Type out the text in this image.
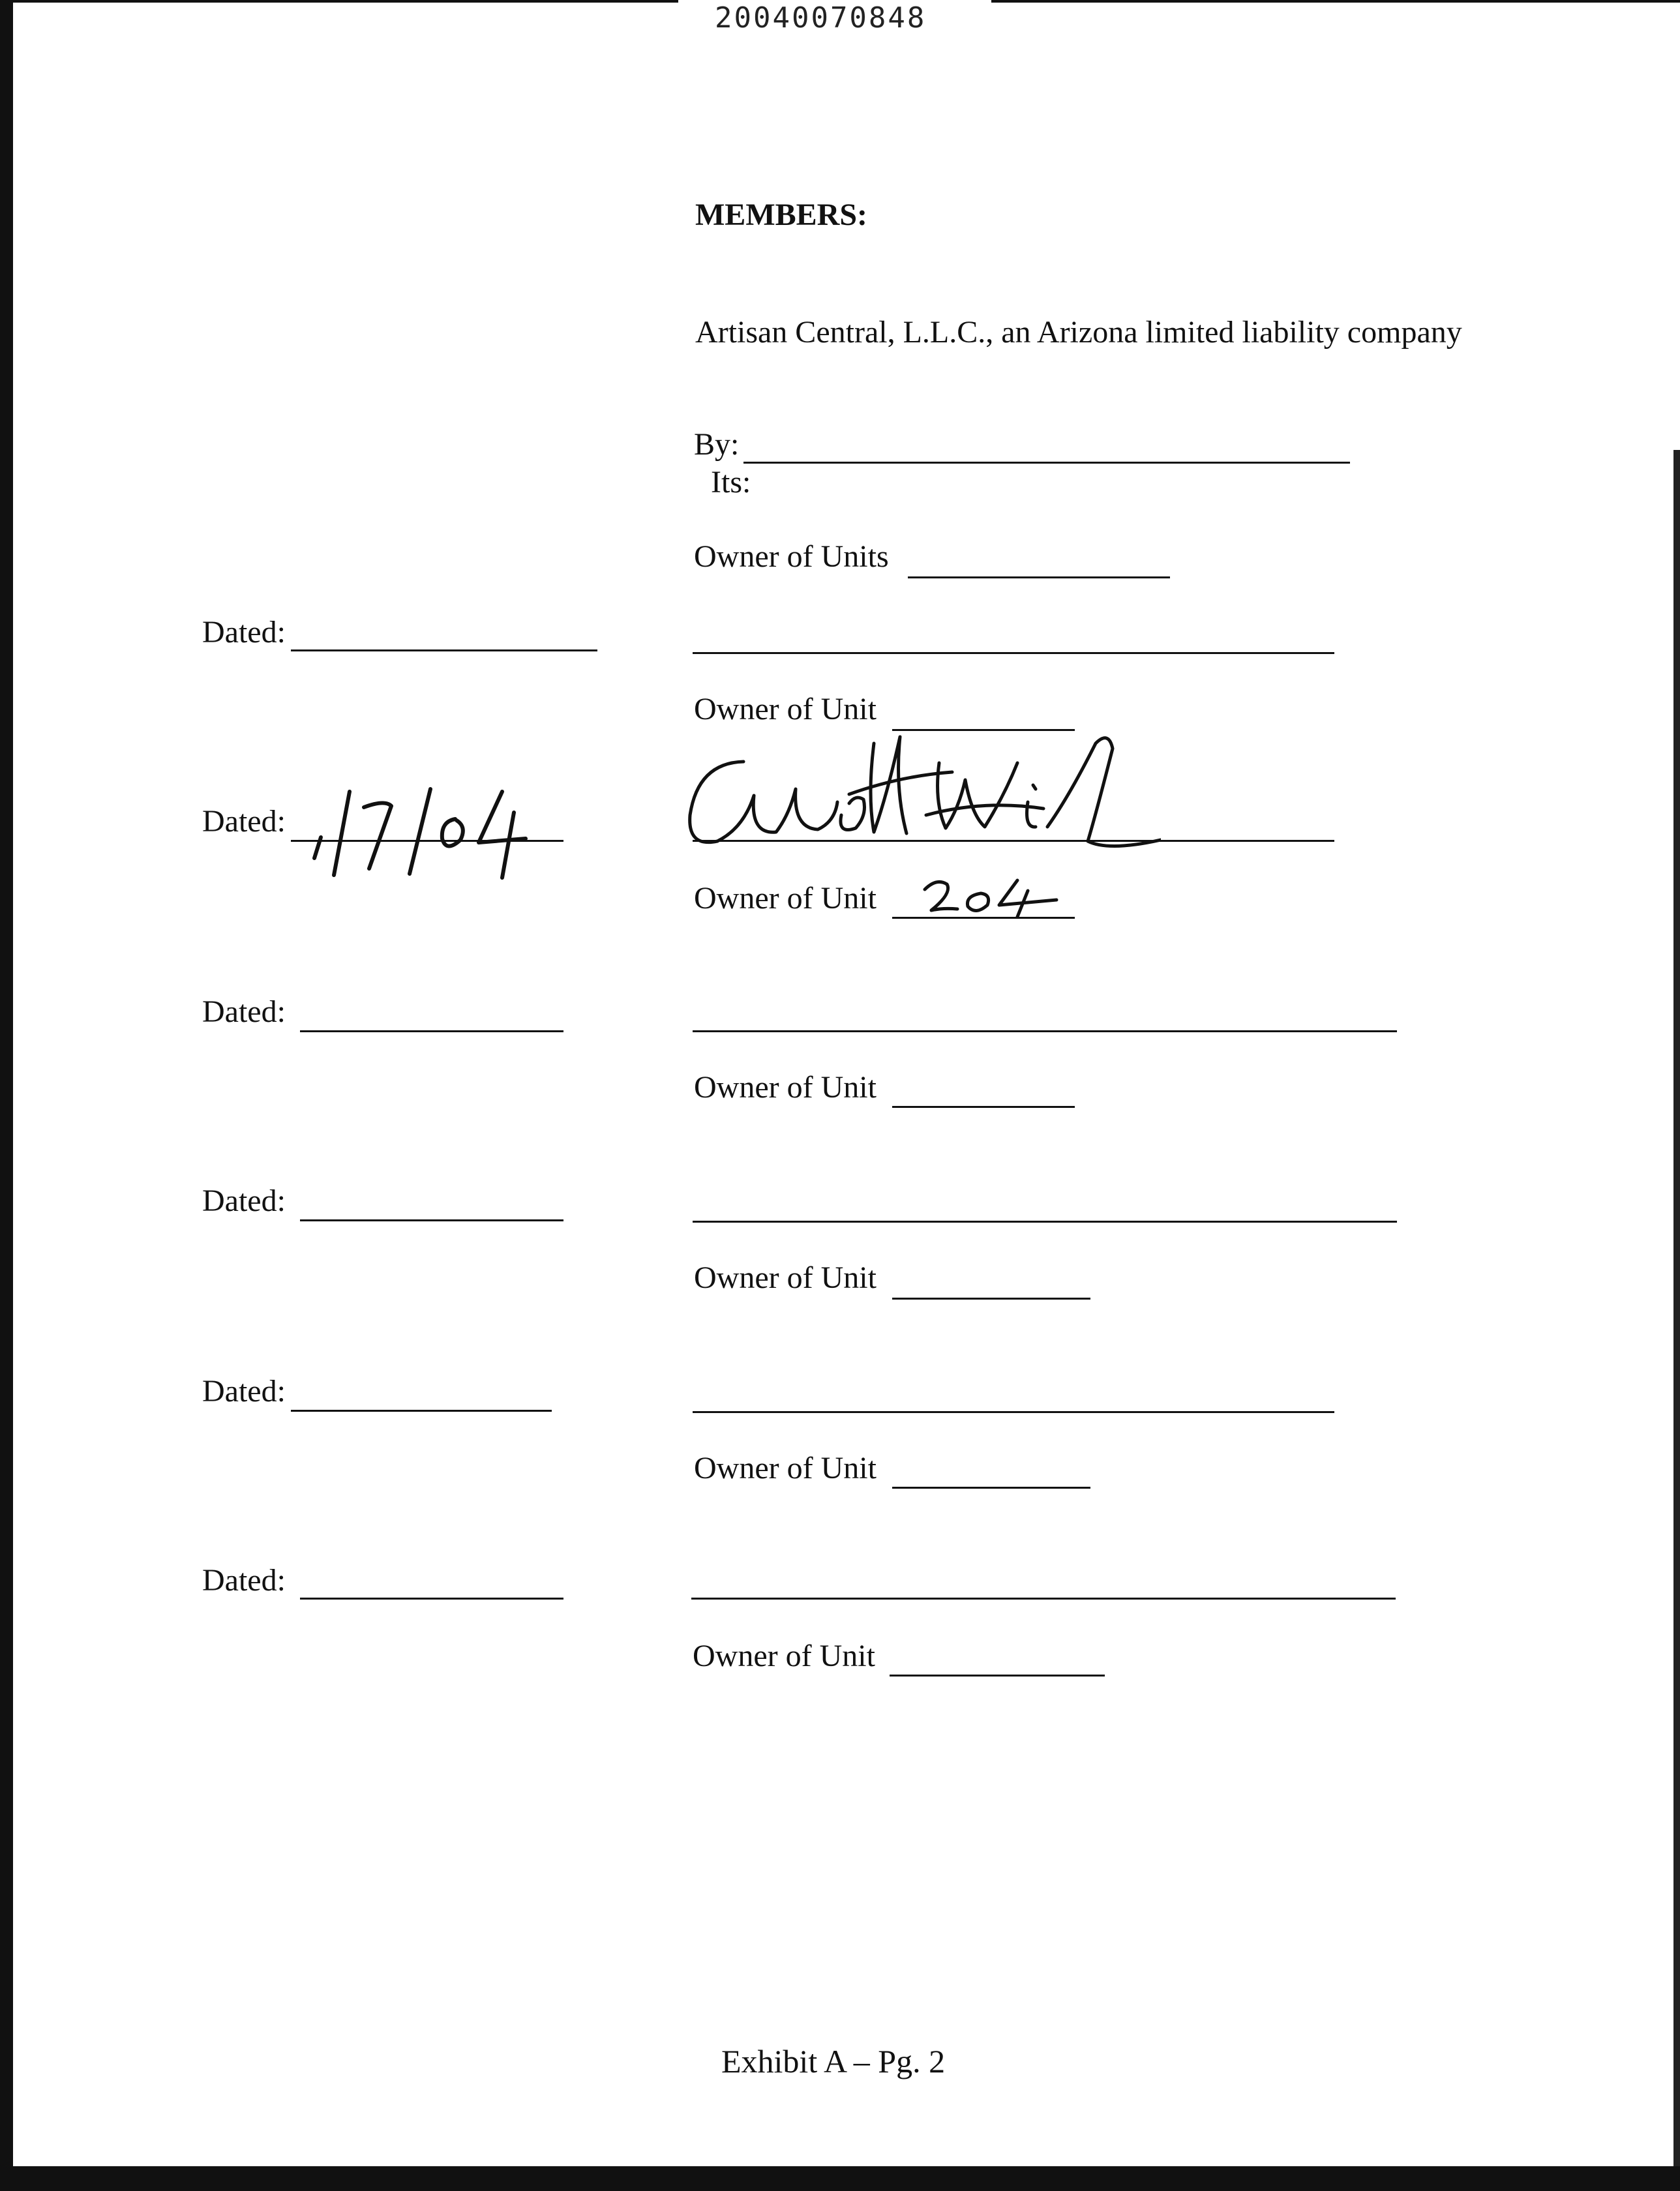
20040070848
MEMBERS:
Artisan Central, L.L.C., an Arizona limited liability company
By:
Its:
Owner of Units
Dated:
Owner of Unit
Dated:
1/7/04
Walt H. Wirl
Owner of Unit
204
Dated:
Owner of Unit
Dated:
Owner of Unit
Dated:
Owner of Unit
Dated:
Owner of Unit
Exhibit A – Pg. 2
